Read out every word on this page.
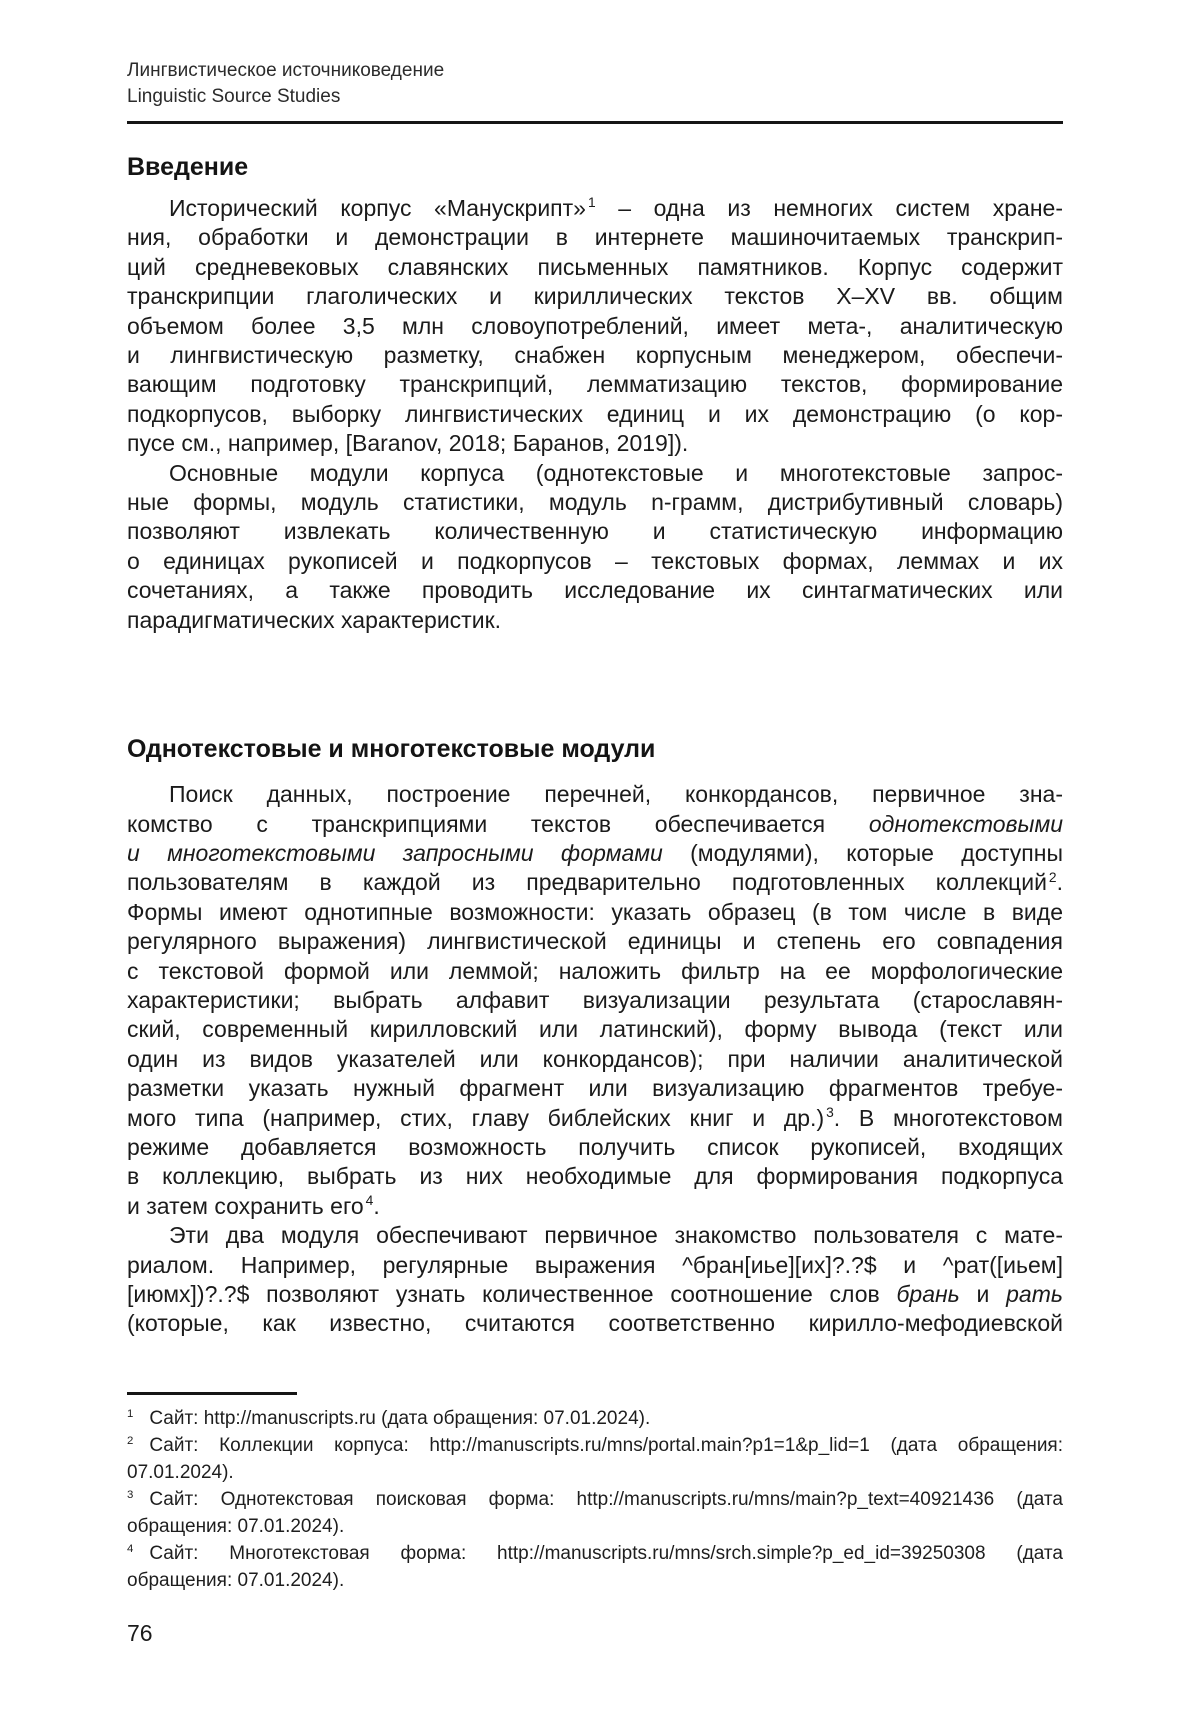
Лингвистическое источниковедение
Linguistic Source Studies
Введение
Исторический корпус «Манускрипт» $^1$ – одна из немногих систем хране-
ния, обработки и демонстрации в интернете машиночитаемых транскрип-
ций средневековых славянских письменных памятников. Корпус содержит
транскрипции глаголических и кириллических текстов X–XV вв. общим
объемом более 3,5 млн словоупотреблений, имеет мета-, аналитическую
и лингвистическую разметку, снабжен корпусным менеджером, обеспечи-
вающим подготовку транскрипций, лемматизацию текстов, формирование
подкорпусов, выборку лингвистических единиц и их демонстрацию (о кор-
пусе см., например, [Baranov, 2018; Баранов, 2019]).
Основные модули корпуса (однотекстовые и многотекстовые запрос-
ные формы, модуль статистики, модуль n-грамм, дистрибутивный словарь)
позволяют извлекать количественную и статистическую информацию
о единицах рукописей и подкорпусов – текстовых формах, леммах и их
сочетаниях, а также проводить исследование их синтагматических или
парадигматических характеристик.
Однотекстовые и многотекстовые модули
Поиск данных, построение перечней, конкордансов, первичное зна-
комство с транскрипциями текстов обеспечивается однотекстовыми
и многотекстовыми запросными формами (модулями), которые доступны
пользователям в каждой из предварительно подготовленных коллекций $^2$.
Формы имеют однотипные возможности: указать образец (в том числе в виде
регулярного выражения) лингвистической единицы и степень его совпадения
с текстовой формой или леммой; наложить фильтр на ее морфологические
характеристики; выбрать алфавит визуализации результата (старославян-
ский, современный кирилловский или латинский), форму вывода (текст или
один из видов указателей или конкордансов); при наличии аналитической
разметки указать нужный фрагмент или визуализацию фрагментов требуе-
мого типа (например, стих, главу библейских книг и др.) $^3$. В многотекстовом
режиме добавляется возможность получить список рукописей, входящих
в коллекцию, выбрать из них необходимые для формирования подкорпуса
и затем сохранить его $^4$.
Эти два модуля обеспечивают первичное знакомство пользователя с мате-
риалом. Например, регулярные выражения ^бран[иье][их]?.?$ и ^рат([иьем]
[июмх])?.?$ позволяют узнать количественное соотношение слов брань и рать
(которые, как известно, считаются соответственно кирилло-мефодиевской
$^1$ Сайт: http://manuscripts.ru (дата обращения: 07.01.2024).
$^2$ Сайт: Коллекции корпуса: http://manuscripts.ru/mns/portal.main?p1=1&p_lid=1 (дата обращения:
07.01.2024).
$^3$ Сайт: Однотекстовая поисковая форма: http://manuscripts.ru/mns/main?p_text=40921436 (дата
обращения: 07.01.2024).
$^4$ Сайт: Многотекстовая форма: http://manuscripts.ru/mns/srch.simple?p_ed_id=39250308 (дата
обращения: 07.01.2024).
76
